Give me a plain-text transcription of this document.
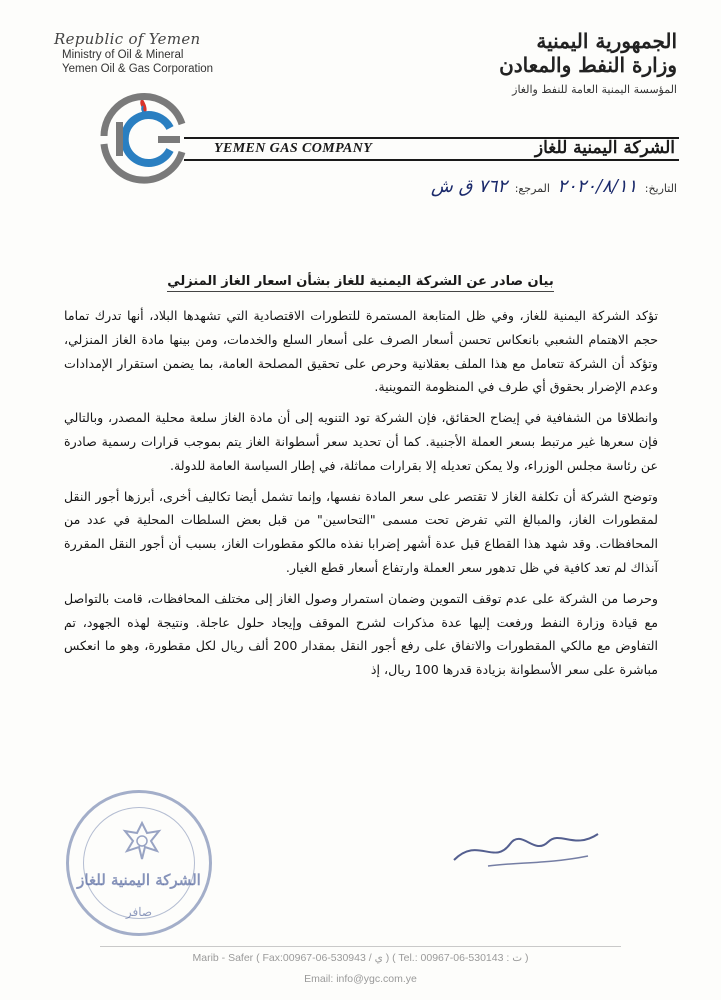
Republic of Yemen
Ministry of Oil & Mineral
Yemen Oil & Gas Corporation
الجمهورية اليمنية
وزارة النفط والمعادن
المؤسسة اليمنية العامة للنفط والغاز
YEMEN GAS COMPANY	الشركة اليمنية للغاز
التاريخ: ٢٠٢٠/٨/١١ المرجع: ٧٦٢ ق ش
بيان صادر عن الشركة اليمنية للغاز بشأن اسعار الغاز المنزلي

تؤكد الشركة اليمنية للغاز، وفي ظل المتابعة المستمرة للتطورات الاقتصادية التي تشهدها البلاد، أنها تدرك تماما حجم الاهتمام الشعبي بانعكاس تحسن أسعار الصرف على أسعار السلع والخدمات، ومن بينها مادة الغاز المنزلي، وتؤكد أن الشركة تتعامل مع هذا الملف بعقلانية وحرص على تحقيق المصلحة العامة، بما يضمن استقرار الإمدادات وعدم الإضرار بحقوق أي طرف في المنظومة التموينية.

وانطلاقا من الشفافية في إيضاح الحقائق، فإن الشركة تود التنويه إلى أن مادة الغاز سلعة محلية المصدر، وبالتالي فإن سعرها غير مرتبط بسعر العملة الأجنبية. كما أن تحديد سعر أسطوانة الغاز يتم بموجب قرارات رسمية صادرة عن رئاسة مجلس الوزراء، ولا يمكن تعديله إلا بقرارات مماثلة، في إطار السياسة العامة للدولة.

وتوضح الشركة أن تكلفة الغاز لا تقتصر على سعر المادة نفسها، وإنما تشمل أيضا تكاليف أخرى، أبرزها أجور النقل لمقطورات الغاز، والمبالغ التي تفرض تحت مسمى "التحاسين" من قبل بعض السلطات المحلية في عدد من المحافظات. وقد شهد هذا القطاع قبل عدة أشهر إضرابا نفذه مالكو مقطورات الغاز، بسبب أن أجور النقل المقررة آنذاك لم تعد كافية في ظل تدهور سعر العملة وارتفاع أسعار قطع الغيار.

وحرصا من الشركة على عدم توقف التموين وضمان استمرار وصول الغاز إلى مختلف المحافظات، قامت بالتواصل مع قيادة وزارة النفط ورفعت إليها عدة مذكرات لشرح الموقف وإيجاد حلول عاجلة. ونتيجة لهذه الجهود، تم التفاوض مع مالكي المقطورات والاتفاق على رفع أجور النقل بمقدار 200 ألف ريال لكل مقطورة، وهو ما انعكس مباشرة على سعر الأسطوانة بزيادة قدرها 100 ريال، إذ

الشركة اليمنية للغاز
صافر
Marib - Safer ( Fax:00967-06-530943 / ي ) ( Tel.: 00967-06-530143 : ت )
Email: info@ygc.com.ye
